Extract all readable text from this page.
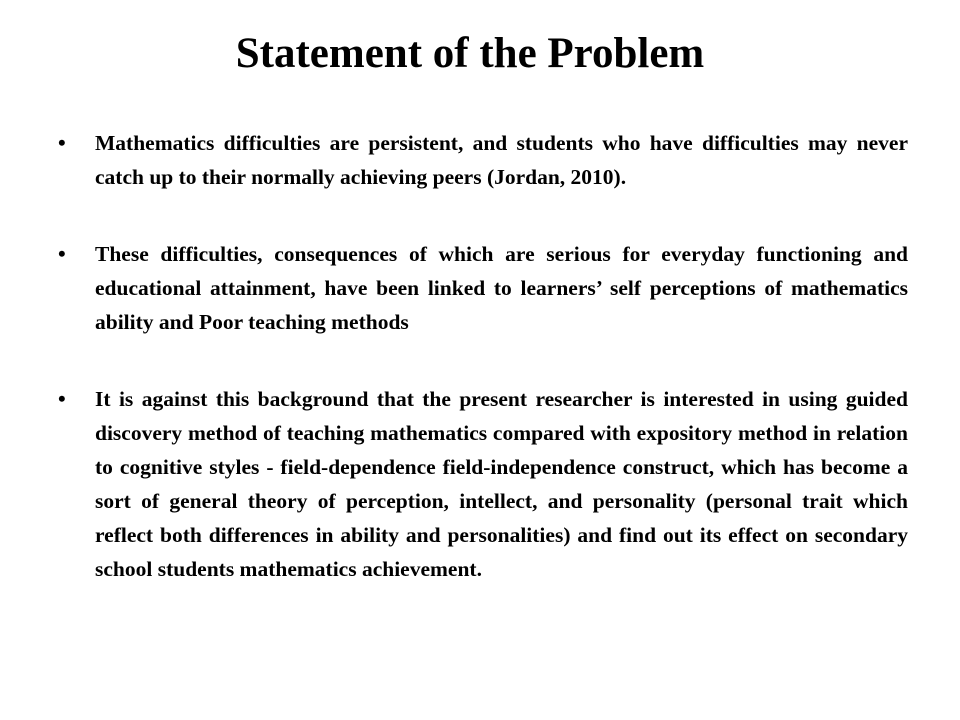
Statement of the Problem
• Mathematics difficulties are persistent, and students who have difficulties may never catch up to their normally achieving peers (Jordan, 2010).
• These difficulties, consequences of which are serious for everyday functioning and educational attainment, have been linked to learners’ self perceptions of mathematics ability and Poor teaching methods
• It is against this background that the present researcher is interested in using guided discovery method of teaching mathematics compared with expository method in relation to cognitive styles - field-dependence field-independence construct, which has become a sort of general theory of perception, intellect, and personality (personal trait which reflect both differences in ability and personalities) and find out its effect on secondary school students mathematics achievement.
